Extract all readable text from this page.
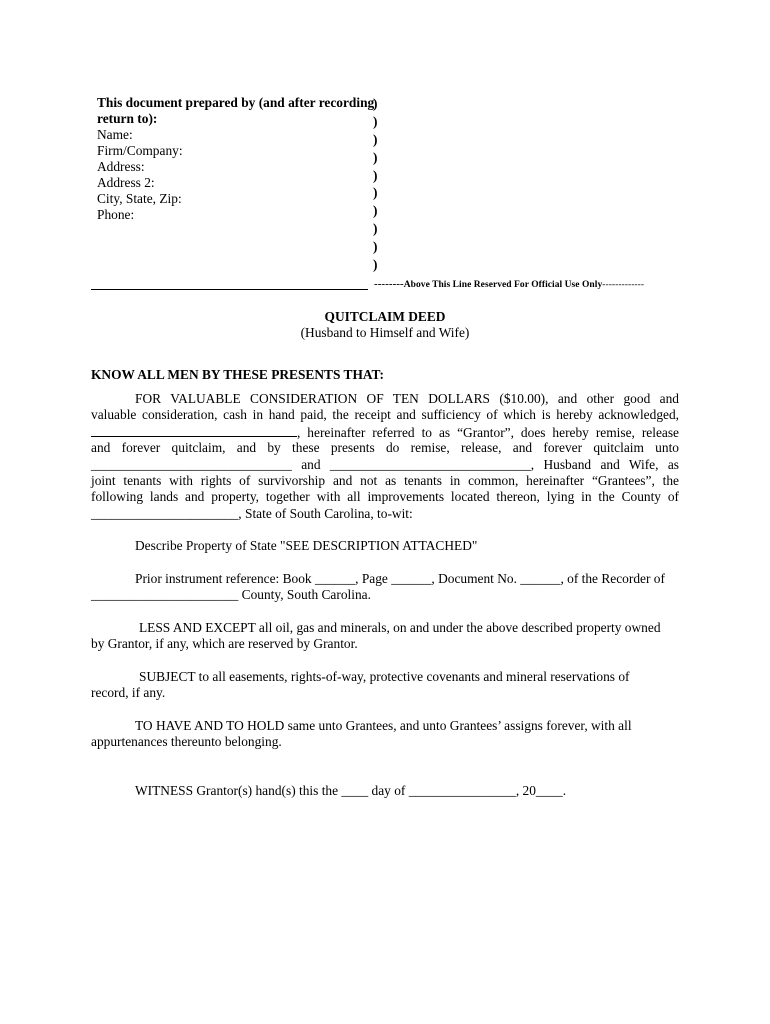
This document prepared by (and after recording
return to):
Name:
Firm/Company:
Address:
Address 2:
City, State, Zip:
Phone:
)
)
)
)
)
)
)
)
)
)
--------Above This Line Reserved For Official Use Only-------------
QUITCLAIM DEED
(Husband to Himself and Wife)
KNOW ALL MEN BY THESE PRESENTS THAT:
FOR VALUABLE CONSIDERATION OF TEN DOLLARS ($10.00), and other good and
valuable consideration, cash in hand paid, the receipt and sufficiency of which is hereby acknowledged,
, hereinafter referred to as “Grantor”, does hereby remise, release
and forever quitclaim, and by these presents do remise, release, and forever quitclaim unto
______________________________ and ______________________________, Husband and Wife, as
joint tenants with rights of survivorship and not as tenants in common, hereinafter “Grantees”, the
following lands and property, together with all improvements located thereon, lying in the County of
______________________, State of South Carolina, to-wit:
Describe Property of State "SEE DESCRIPTION ATTACHED"
Prior instrument reference: Book ______, Page ______, Document No. ______, of the Recorder of
______________________ County, South Carolina.
LESS AND EXCEPT all oil, gas and minerals, on and under the above described property owned
by Grantor, if any, which are reserved by Grantor.
SUBJECT to all easements, rights-of-way, protective covenants and mineral reservations of
record, if any.
TO HAVE AND TO HOLD same unto Grantees, and unto Grantees’ assigns forever, with all
appurtenances thereunto belonging.
WITNESS Grantor(s) hand(s) this the ____ day of ________________, 20____.
